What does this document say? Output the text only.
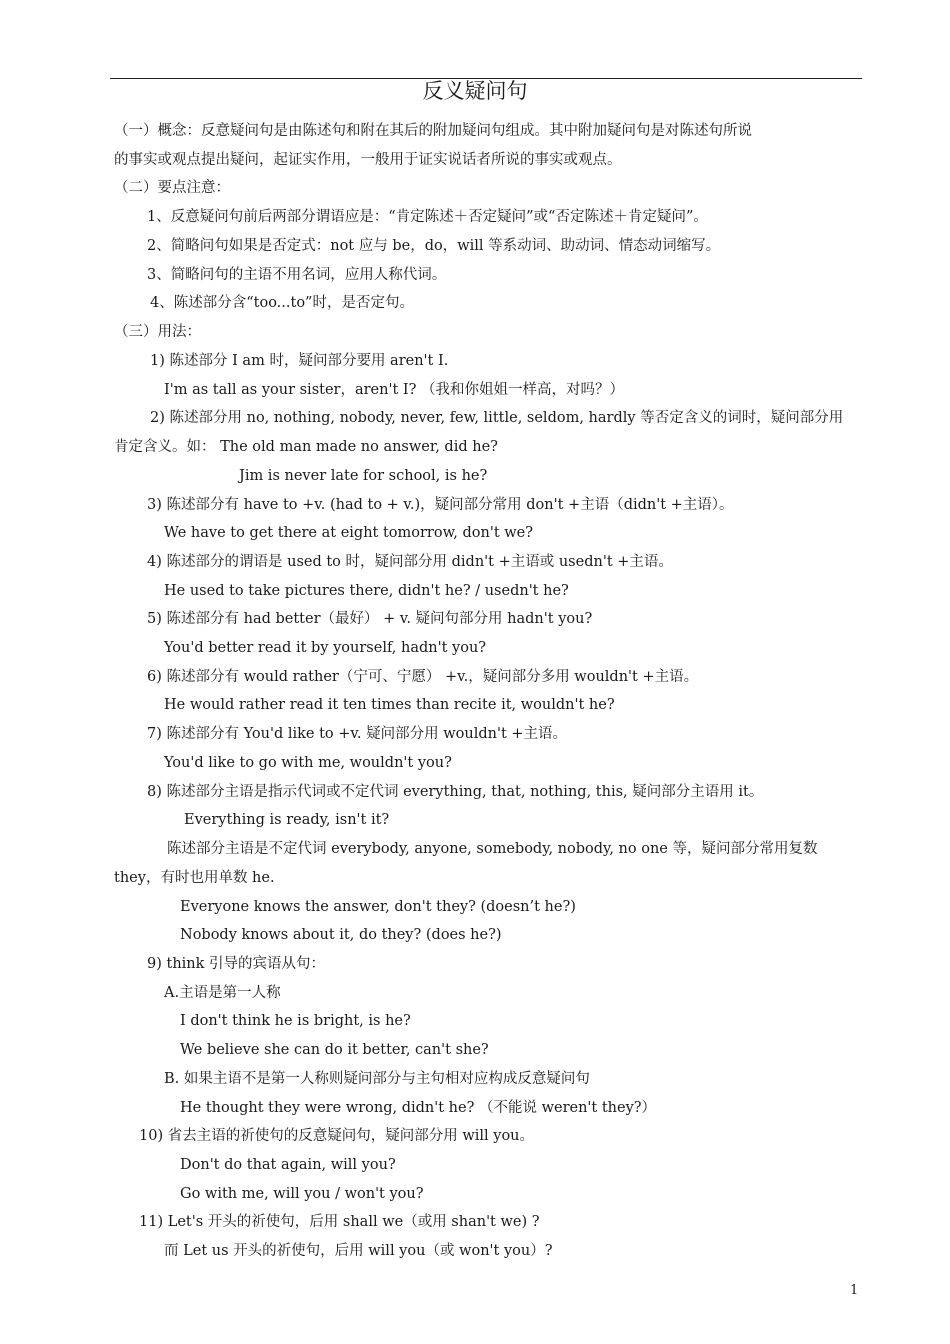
反义疑问句
（一）概念：反意疑问句是由陈述句和附在其后的附加疑问句组成。其中附加疑问句是对陈述句所说
的事实或观点提出疑问，起证实作用，一般用于证实说话者所说的事实或观点。
（二）要点注意：
1、反意疑问句前后两部分谓语应是：“肯定陈述＋否定疑问”或“否定陈述＋肯定疑问”。
2、简略问句如果是否定式：not 应与 be，do，will 等系动词、助动词、情态动词缩写。
3、简略问句的主语不用名词，应用人称代词。
4、陈述部分含“too...to”时，是否定句。
（三）用法：
1) 陈述部分 I am 时，疑问部分要用 aren't I.
I'm as tall as your sister，aren't I? （我和你姐姐一样高，对吗？）
2) 陈述部分用 no, nothing, nobody, never, few, little, seldom, hardly 等否定含义的词时，疑问部分用
肯定含义。如： The old man made no answer, did he?
Jim is never late for school, is he?
3) 陈述部分有 have to +v. (had to + v.)，疑问部分常用 don't +主语（didn't +主语）。
We have to get there at eight tomorrow, don't we?
4) 陈述部分的谓语是 used to 时，疑问部分用 didn't +主语或 usedn't +主语。
He used to take pictures there, didn't he? / usedn't he?
5) 陈述部分有 had better（最好） + v. 疑问句部分用 hadn't you?
You'd better read it by yourself, hadn't you?
6) 陈述部分有 would rather（宁可、宁愿） +v.，疑问部分多用 wouldn't +主语。
He would rather read it ten times than recite it, wouldn't he?
7) 陈述部分有 You'd like to +v. 疑问部分用 wouldn't +主语。
You'd like to go with me, wouldn't you?
8) 陈述部分主语是指示代词或不定代词 everything, that, nothing, this, 疑问部分主语用 it。
Everything is ready, isn't it?
陈述部分主语是不定代词 everybody, anyone, somebody, nobody, no one 等，疑问部分常用复数
they，有时也用单数 he.
Everyone knows the answer, don't they? (doesn’t he?)
Nobody knows about it, do they? (does he?)
9) think 引导的宾语从句：
A.主语是第一人称
I don't think he is bright, is he?
We believe she can do it better, can't she?
B. 如果主语不是第一人称则疑问部分与主句相对应构成反意疑问句
He thought they were wrong, didn't he? （不能说 weren't they?）
10) 省去主语的祈使句的反意疑问句，疑问部分用 will you。
Don't do that again, will you?
Go with me, will you / won't you?
11) Let's 开头的祈使句，后用 shall we（或用 shan't we) ?
而 Let us 开头的祈使句，后用 will you（或 won't you）?
1
